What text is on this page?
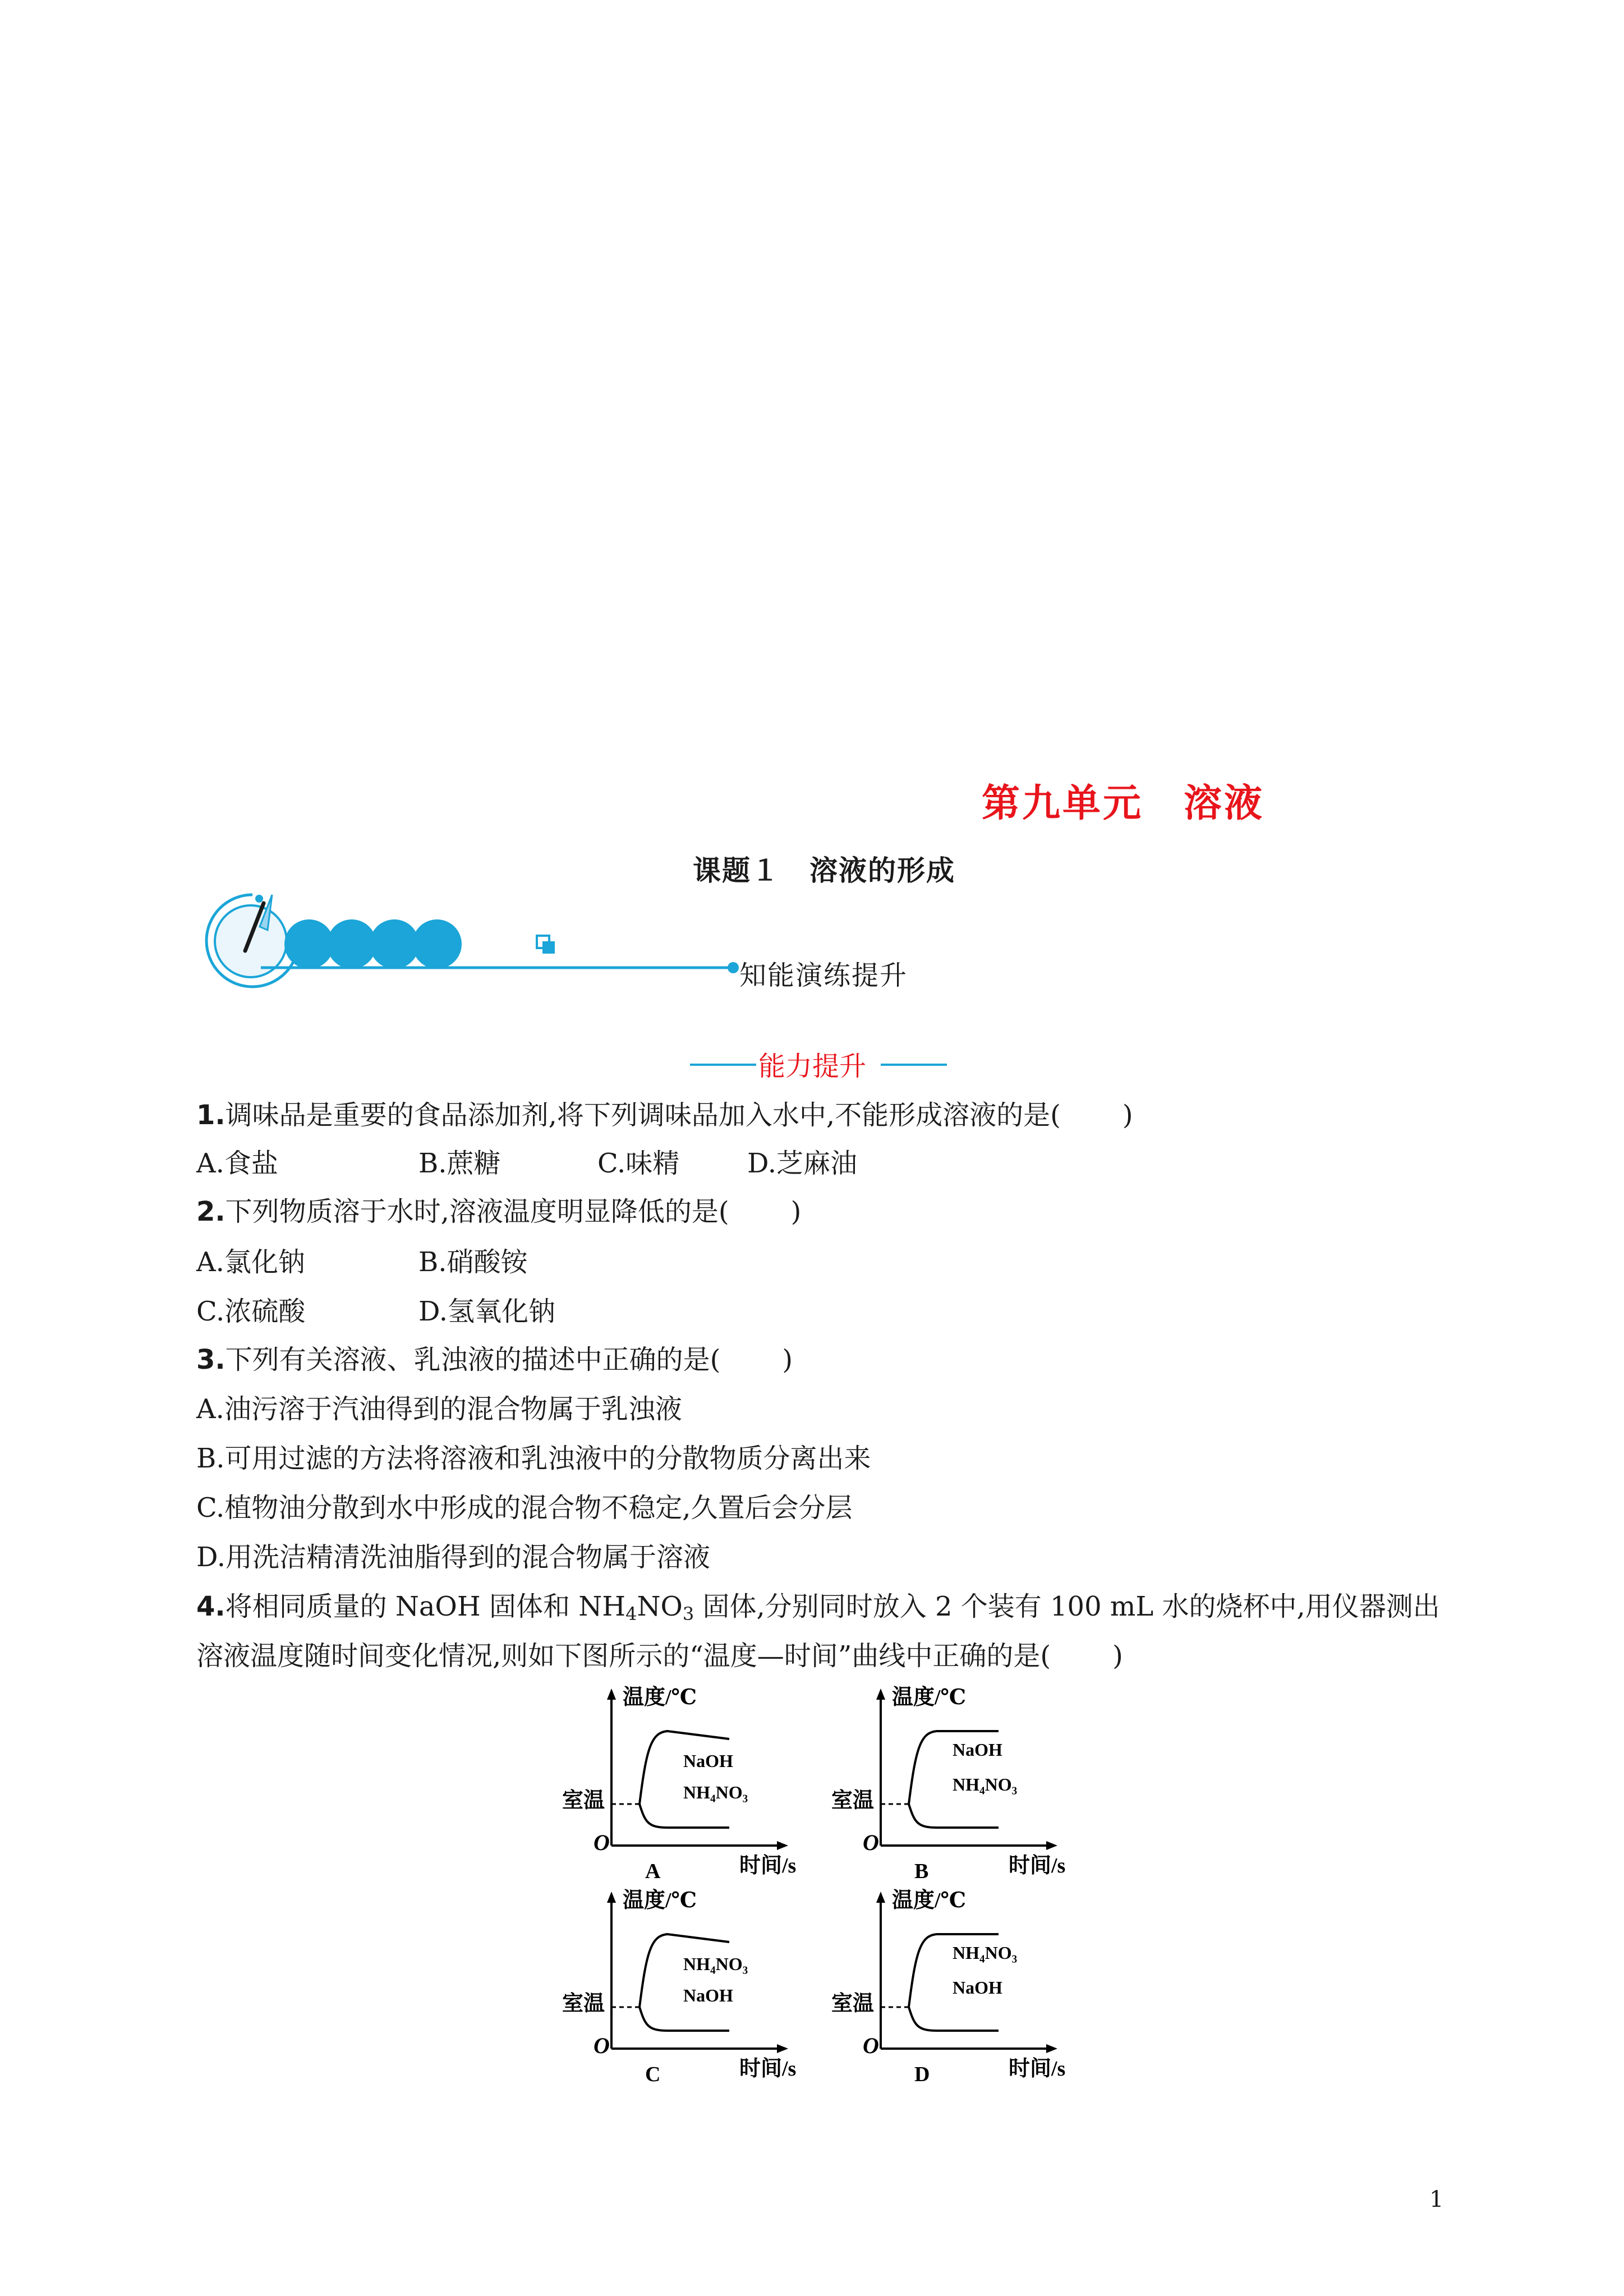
第九单元　溶液
课题１　溶液的形成
知能演练提升
能力提升
1.调味品是重要的食品添加剂,将下列调味品加入水中,不能形成溶液的是( )
A.食盐	B.蔗糖	C.味精	D.芝麻油
2.下列物质溶于水时,溶液温度明显降低的是( )
A.氯化钠	B.硝酸铵
C.浓硫酸	D.氢氧化钠
3.下列有关溶液、乳浊液的描述中正确的是( )
A.油污溶于汽油得到的混合物属于乳浊液
B.可用过滤的方法将溶液和乳浊液中的分散物质分离出来
C.植物油分散到水中形成的混合物不稳定,久置后会分层
D.用洗洁精清洗油脂得到的混合物属于溶液
4.将相同质量的 NaOH 固体和 $NH_4NO_3$ 固体,分别同时放入 2 个装有 100 mL 水的烧杯中,用仪器测出
溶液温度随时间变化情况,则如下图所示的“温度—时间”曲线中正确的是( )
温度/℃
时间/s
O
室温
NaOH
NH₄NO₃
A
温度/℃
时间/s
O
室温
NaOH
NH₄NO₃
B
温度/℃
时间/s
O
室温
NH₄NO₃
NaOH
C
温度/℃
时间/s
O
室温
NH₄NO₃
NaOH
D
1
